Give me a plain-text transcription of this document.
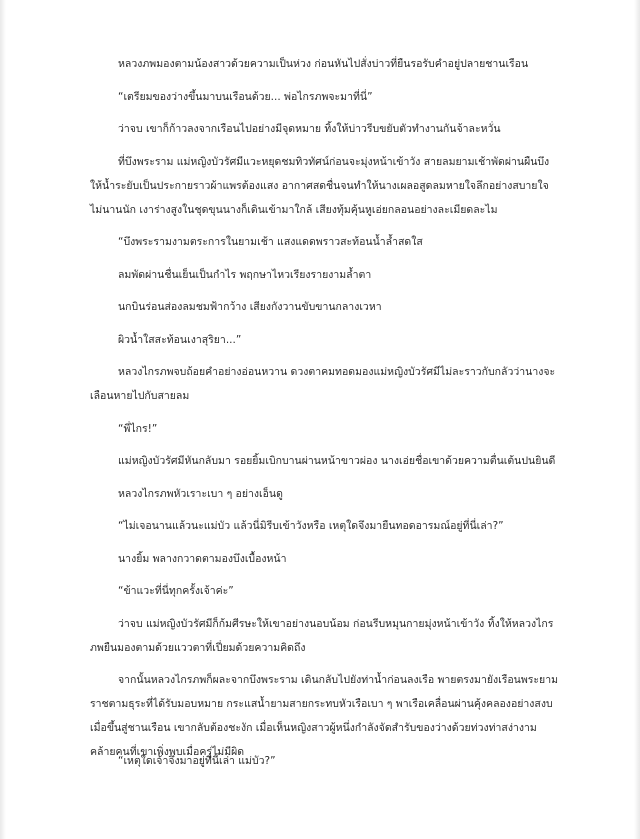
หลวงภพมองตามน้องสาวด้วยความเป็นห่วง ก่อนหันไปสั่งบ่าวที่ยืนรอรับคำอยู่ปลายชานเรือน

“เตรียมของว่างขึ้นมาบนเรือนด้วย... พ่อไกรภพจะมาที่นี่”

ว่าจบ เขาก็ก้าวลงจากเรือนไปอย่างมีจุดหมาย ทิ้งให้บ่าวรีบขยับตัวทำงานกันจ้าละหวั่น

ที่บึงพระราม แม่หญิงบัวรัศมีแวะหยุดชมทิวทัศน์ก่อนจะมุ่งหน้าเข้าวัง สายลมยามเช้าพัดผ่านผืนบึงให้น้ำระยับเป็นประกายราวผ้าแพรต้องแสง อากาศสดชื่นจนทำให้นางเผลอสูดลมหายใจลึกอย่างสบายใจ ไม่นานนัก เงาร่างสูงในชุดขุนนางก็เดินเข้ามาใกล้ เสียงทุ้มคุ้นหูเอ่ยกลอนอย่างละเมียดละไม

“บึงพระรามงามตระการในยามเช้า แสงแดดพราวสะท้อนน้ำล้ำสดใส

ลมพัดผ่านชื่นเย็นเป็นกำไร พฤกษาไหวเรียงรายงามล้ำตา

นกบินร่อนส่องลมชมฟ้ากว้าง เสียงกังวานขับขานกลางเวหา

ผิวน้ำใสสะท้อนเงาสุริยา...”

หลวงไกรภพจบถ้อยคำอย่างอ่อนหวาน ดวงตาคมทอดมองแม่หญิงบัวรัศมีไม่ละราวกับกลัวว่านางจะเลือนหายไปกับสายลม

“พี่ไกร!”

แม่หญิงบัวรัศมีหันกลับมา รอยยิ้มเบิกบานผ่านหน้าขาวผ่อง นางเอ่ยชื่อเขาด้วยความตื่นเต้นปนยินดี

หลวงไกรภพหัวเราะเบา ๆ อย่างเอ็นดู

“ไม่เจอนานแล้วนะแม่บัว แล้วนี่มิรีบเข้าวังหรือ เหตุใดจึงมายืนทอดอารมณ์อยู่ที่นี่เล่า?”

นางยิ้ม พลางกวาดตามองบึงเบื้องหน้า

“ข้าแวะที่นี่ทุกครั้งเจ้าค่ะ”

ว่าจบ แม่หญิงบัวรัศมีก็ก้มศีรษะให้เขาอย่างนอบน้อม ก่อนรีบหมุนกายมุ่งหน้าเข้าวัง ทิ้งให้หลวงไกรภพยืนมองตามด้วยแววตาที่เปี่ยมด้วยความคิดถึง

จากนั้นหลวงไกรภพก็ผละจากบึงพระราม เดินกลับไปยังท่าน้ำก่อนลงเรือ พายตรงมายังเรือนพระยามราชตามธุระที่ได้รับมอบหมาย กระแสน้ำยามสายกระทบหัวเรือเบา ๆ พาเรือเคลื่อนผ่านคุ้งคลองอย่างสงบ เมื่อขึ้นสู่ชานเรือน เขากลับต้องชะงัก เมื่อเห็นหญิงสาวผู้หนึ่งกำลังจัดสำรับของว่างด้วยท่วงท่าสง่างามคล้ายคนที่เขาเพิ่งพบเมื่อครู่ไม่มีผิด

“เหตุใดเจ้าจึงมาอยู่ที่นี่เล่า แม่บัว?”
